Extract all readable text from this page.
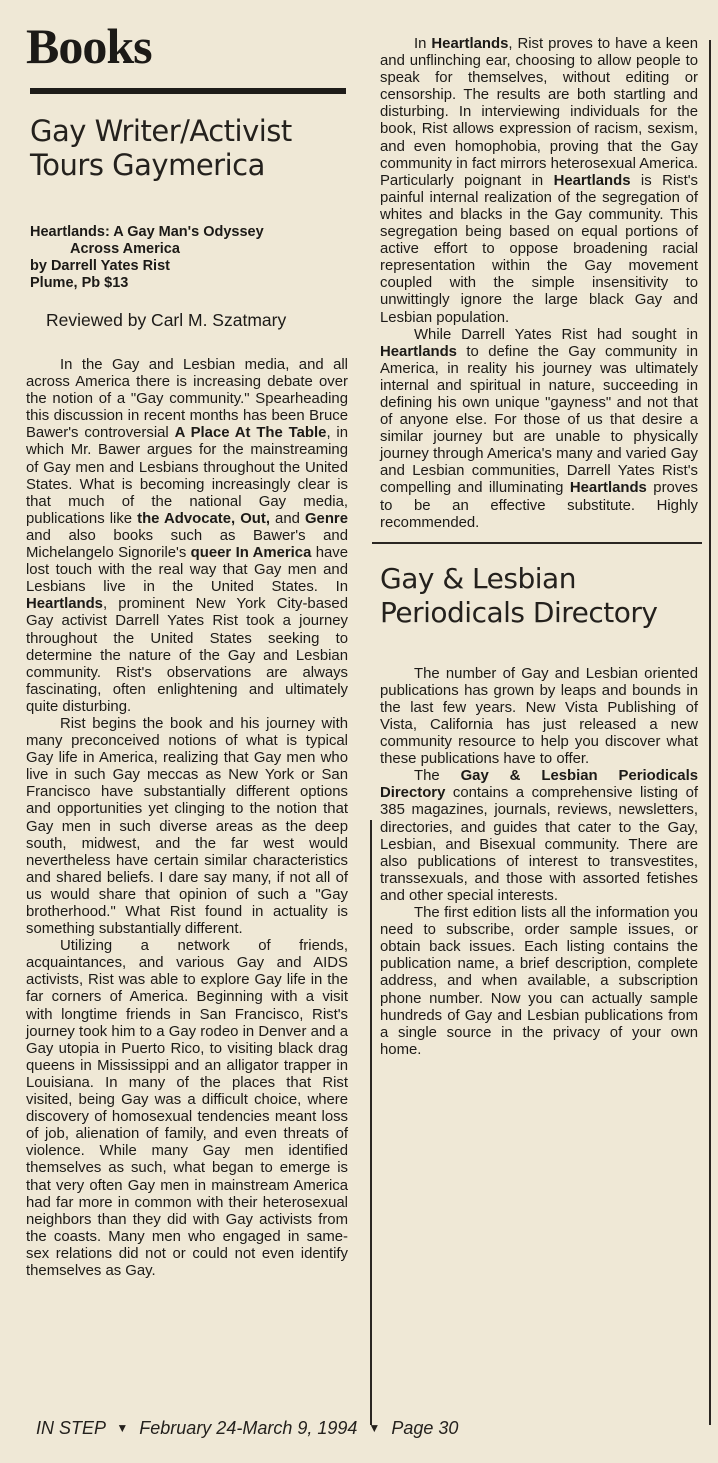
Books
Gay Writer/Activist Tours Gaymerica
Heartlands: A Gay Man's Odyssey
Across America
by Darrell Yates Rist
Plume, Pb $13
Reviewed by Carl M. Szatmary

In the Gay and Lesbian media, and all across America there is increasing debate over the notion of a "Gay community." Spearheading this discussion in recent months has been Bruce Bawer's controversial A Place At The Table, in which Mr. Bawer argues for the mainstreaming of Gay men and Lesbians throughout the United States. What is becoming increasingly clear is that much of the national Gay media, publications like the Advocate, Out, and Genre and also books such as Bawer's and Michelangelo Signorile's queer In America have lost touch with the real way that Gay men and Lesbians live in the United States. In Heartlands, prominent New York City-based Gay activist Darrell Yates Rist took a journey throughout the United States seeking to determine the nature of the Gay and Lesbian community. Rist's observations are always fascinating, often enlightening and ultimately quite disturbing.

Rist begins the book and his journey with many preconceived notions of what is typical Gay life in America, realizing that Gay men who live in such Gay meccas as New York or San Francisco have substantially different options and opportunities yet clinging to the notion that Gay men in such diverse areas as the deep south, midwest, and the far west would nevertheless have certain similar characteristics and shared beliefs. I dare say many, if not all of us would share that opinion of such a "Gay brotherhood." What Rist found in actuality is something substantially different.

Utilizing a network of friends, acquaintances, and various Gay and AIDS activists, Rist was able to explore Gay life in the far corners of America. Beginning with a visit with longtime friends in San Francisco, Rist's journey took him to a Gay rodeo in Denver and a Gay utopia in Puerto Rico, to visiting black drag queens in Mississippi and an alligator trapper in Louisiana. In many of the places that Rist visited, being Gay was a difficult choice, where discovery of homosexual tendencies meant loss of job, alienation of family, and even threats of violence. While many Gay men identified themselves as such, what began to emerge is that very often Gay men in mainstream America had far more in common with their heterosexual neighbors than they did with Gay activists from the coasts. Many men who engaged in same-sex relations did not or could not even identify themselves as Gay.

In Heartlands, Rist proves to have a keen and unflinching ear, choosing to allow people to speak for themselves, without editing or censorship. The results are both startling and disturbing. In interviewing individuals for the book, Rist allows expression of racism, sexism, and even homophobia, proving that the Gay community in fact mirrors heterosexual America. Particularly poignant in Heartlands is Rist's painful internal realization of the segregation of whites and blacks in the Gay community. This segregation being based on equal portions of active effort to oppose broadening racial representation within the Gay movement coupled with the simple insensitivity to unwittingly ignore the large black Gay and Lesbian population.

While Darrell Yates Rist had sought in Heartlands to define the Gay community in America, in reality his journey was ultimately internal and spiritual in nature, succeeding in defining his own unique "gayness" and not that of anyone else. For those of us that desire a similar journey but are unable to physically journey through America's many and varied Gay and Lesbian communities, Darrell Yates Rist's compelling and illuminating Heartlands proves to be an effective substitute. Highly recommended.

Gay & Lesbian Periodicals Directory

The number of Gay and Lesbian oriented publications has grown by leaps and bounds in the last few years. New Vista Publishing of Vista, California has just released a new community resource to help you discover what these publications have to offer.

The Gay & Lesbian Periodicals Directory contains a comprehensive listing of 385 magazines, journals, reviews, newsletters, directories, and guides that cater to the Gay, Lesbian, and Bisexual community. There are also publications of interest to transvestites, transsexuals, and those with assorted fetishes and other special interests.

The first edition lists all the information you need to subscribe, order sample issues, or obtain back issues. Each listing contains the publication name, a brief description, complete address, and when available, a subscription phone number. Now you can actually sample hundreds of Gay and Lesbian publications from a single source in the privacy of your own home.

IN STEP ▼ February 24-March 9, 1994 ▼ Page 30
